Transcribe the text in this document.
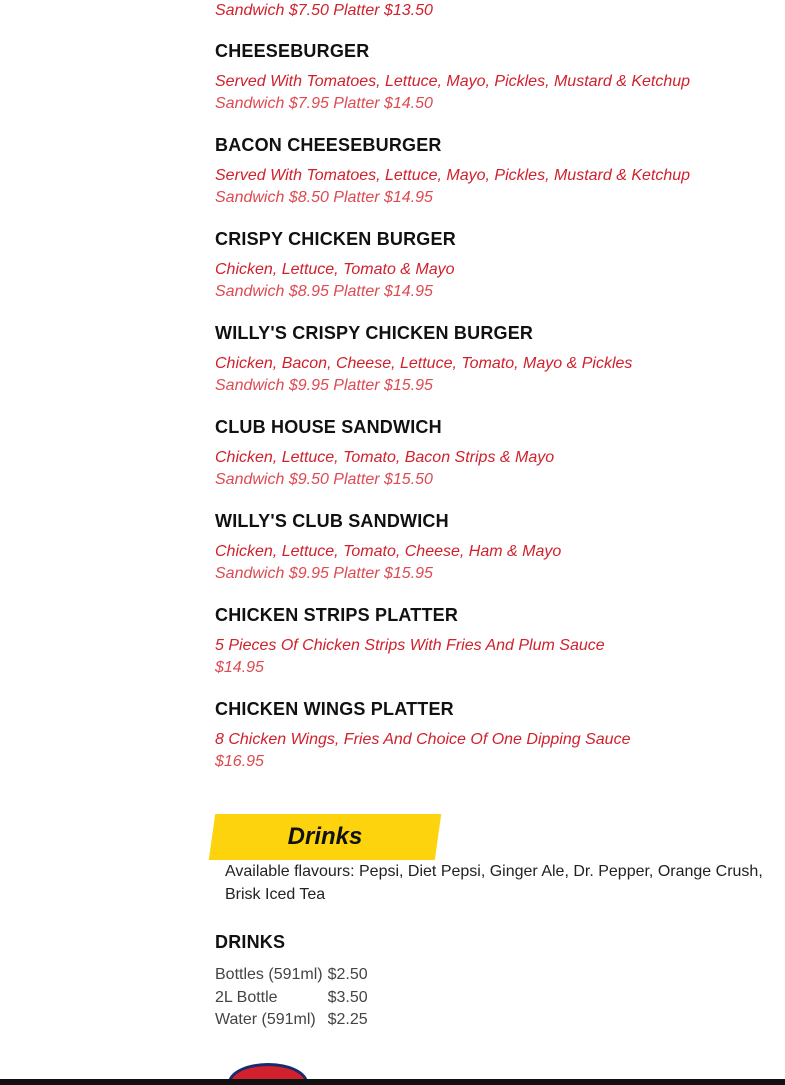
Sandwich $7.50 Platter $13.50
CHEESEBURGER
Served With Tomatoes, Lettuce, Mayo, Pickles, Mustard & Ketchup
Sandwich $7.95 Platter $14.50
BACON CHEESEBURGER
Served With Tomatoes, Lettuce, Mayo, Pickles, Mustard & Ketchup
Sandwich $8.50 Platter $14.95
CRISPY CHICKEN BURGER
Chicken, Lettuce, Tomato & Mayo
Sandwich $8.95 Platter $14.95
WILLY'S CRISPY CHICKEN BURGER
Chicken, Bacon, Cheese, Lettuce, Tomato, Mayo & Pickles
Sandwich $9.95 Platter $15.95
CLUB HOUSE SANDWICH
Chicken, Lettuce, Tomato, Bacon Strips & Mayo
Sandwich $9.50 Platter $15.50
WILLY'S CLUB SANDWICH
Chicken, Lettuce, Tomato, Cheese, Ham & Mayo
Sandwich $9.95 Platter $15.95
CHICKEN STRIPS PLATTER
5 Pieces Of Chicken Strips With Fries And Plum Sauce
$14.95
CHICKEN WINGS PLATTER
8 Chicken Wings, Fries And Choice Of One Dipping Sauce
$16.95
Drinks
Available flavours: Pepsi, Diet Pepsi, Ginger Ale, Dr. Pepper, Orange Crush, Brisk Iced Tea
DRINKS
Bottles (591ml)	$2.50
2L Bottle	$3.50
Water (591ml)	$2.25
